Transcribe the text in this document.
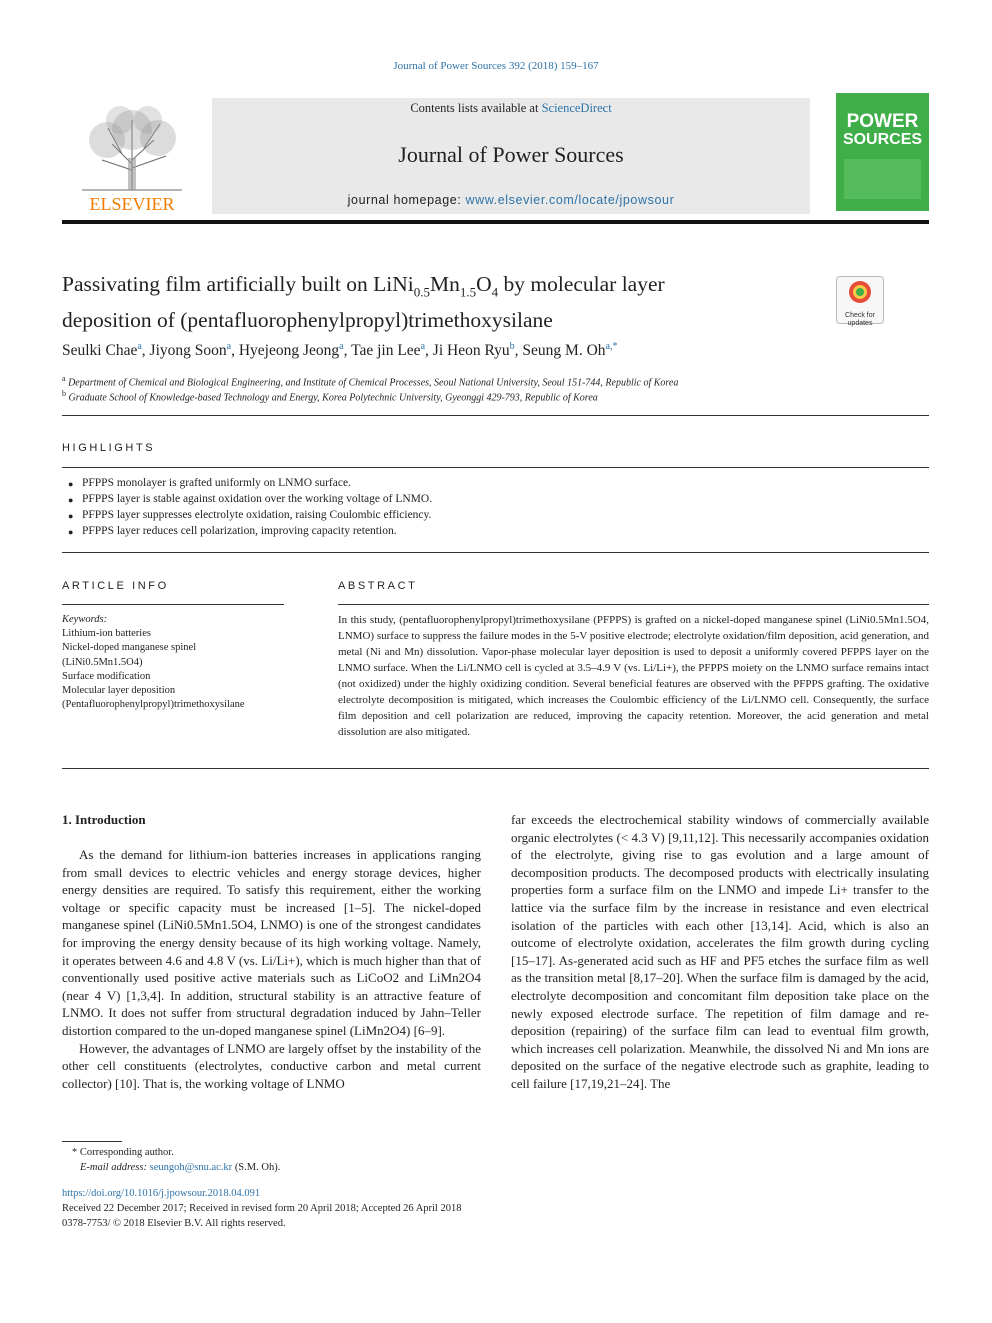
Journal of Power Sources 392 (2018) 159–167
ELSEVIER
Contents lists available at ScienceDirect
Journal of Power Sources
journal homepage: www.elsevier.com/locate/jpowsour
POWER
SOURCES
Passivating film artificially built on $LiNi_{0.5}Mn_{1.5}O_4$ by molecular layer
deposition of (pentafluorophenylpropyl)trimethoxysilane	Check for updates
Seulki Chae$^a$, Jiyong Soon$^a$, Hyejeong Jeong$^a$, Tae jin Lee$^a$, Ji Heon Ryu$^b$, Seung M. $Oh^{a,*}$
$^a$ Department of Chemical and Biological Engineering, and Institute of Chemical Processes, Seoul National University, Seoul 151-744, Republic of Korea
$^b$ Graduate School of Knowledge-based Technology and Energy, Korea Polytechnic University, Gyeonggi 429-793, Republic of Korea
HIGHLIGHTS
● PFPPS monolayer is grafted uniformly on LNMO surface.
● PFPPS layer is stable against oxidation over the working voltage of LNMO.
● PFPPS layer suppresses electrolyte oxidation, raising Coulombic efficiency.
● PFPPS layer reduces cell polarization, improving capacity retention.
ARTICLE INFO
Keywords:
Lithium-ion batteries
Nickel-doped manganese spinel
(LiNi0.5Mn1.5O4)
Surface modification
Molecular layer deposition
(Pentafluorophenylpropyl)trimethoxysilane
ABSTRACT
In this study, (pentafluorophenylpropyl)trimethoxysilane (PFPPS) is grafted on a nickel-doped manganese spinel (LiNi0.5Mn1.5O4, LNMO) surface to suppress the failure modes in the 5-V positive electrode; electrolyte oxidation/film deposition, acid generation, and metal (Ni and Mn) dissolution. Vapor-phase molecular layer deposition is used to deposit a uniformly covered PFPPS layer on the LNMO surface. When the Li/LNMO cell is cycled at 3.5–4.9 V (vs. Li/Li+), the PFPPS moiety on the LNMO surface remains intact (not oxidized) under the highly oxidizing condition. Several beneficial features are observed with the PFPPS grafting. The oxidative electrolyte decomposition is mitigated, which increases the Coulombic efficiency of the Li/LNMO cell. Consequently, the surface film deposition and cell polarization are reduced, improving the capacity retention. Moreover, the acid generation and metal dissolution are also mitigated.
1. Introduction

As the demand for lithium-ion batteries increases in applications ranging from small devices to electric vehicles and energy storage devices, higher energy densities are required. To satisfy this requirement, either the working voltage or specific capacity must be increased [1–5]. The nickel-doped manganese spinel (LiNi0.5Mn1.5O4, LNMO) is one of the strongest candidates for improving the energy density because of its high working voltage. Namely, it operates between 4.6 and 4.8 V (vs. Li/Li+), which is much higher than that of conventionally used positive active materials such as LiCoO2 and LiMn2O4 (near 4 V) [1,3,4]. In addition, structural stability is an attractive feature of LNMO. It does not suffer from structural degradation induced by Jahn–Teller distortion compared to the un-doped manganese spinel (LiMn2O4) [6–9].

However, the advantages of LNMO are largely offset by the instability of the other cell constituents (electrolytes, conductive carbon and metal current collector) [10]. That is, the working voltage of LNMO

far exceeds the electrochemical stability windows of commercially available organic electrolytes (< 4.3 V) [9,11,12]. This necessarily accompanies oxidation of the electrolyte, giving rise to gas evolution and a large amount of decomposition products. The decomposed products with electrically insulating properties form a surface film on the LNMO and impede Li+ transfer to the lattice via the surface film by the increase in resistance and even electrical isolation of the particles with each other [13,14]. Acid, which is also an outcome of electrolyte oxidation, accelerates the film growth during cycling [15–17]. As-generated acid such as HF and PF5 etches the surface film as well as the transition metal [8,17–20]. When the surface film is damaged by the acid, electrolyte decomposition and concomitant film deposition take place on the newly exposed electrode surface. The repetition of film damage and re-deposition (repairing) of the surface film can lead to eventual film growth, which increases cell polarization. Meanwhile, the dissolved Ni and Mn ions are deposited on the surface of the negative electrode such as graphite, leading to cell failure [17,19,21–24]. The

* Corresponding author.
E-mail address: seungoh@snu.ac.kr (S.M. Oh).
https://doi.org/10.1016/j.jpowsour.2018.04.091
Received 22 December 2017; Received in revised form 20 April 2018; Accepted 26 April 2018
0378-7753/ © 2018 Elsevier B.V. All rights reserved.
